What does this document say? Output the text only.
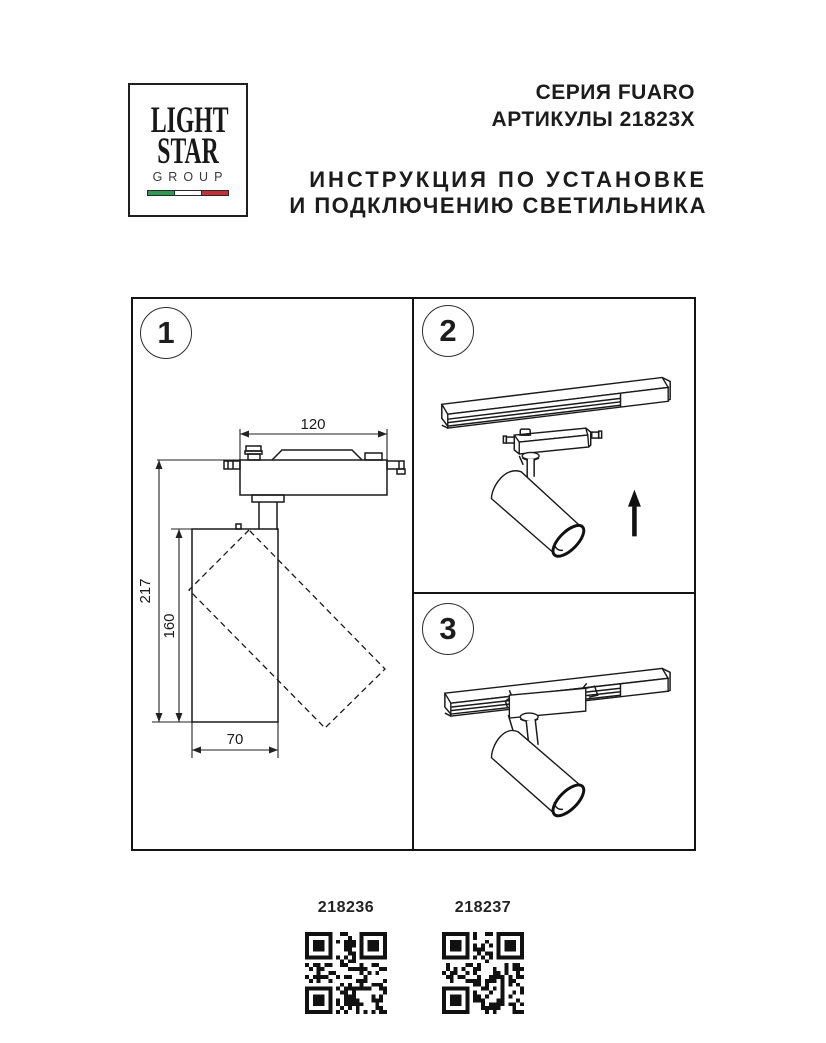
LIGHT
STAR
GROUP
СЕРИЯ FUARO
АРТИКУЛЫ 21823X
ИНСТРУКЦИЯ ПО УСТАНОВКЕ
И ПОДКЛЮЧЕНИЮ СВЕТИЛЬНИКА
1
120
217
160
70
2
3
218236	218237
